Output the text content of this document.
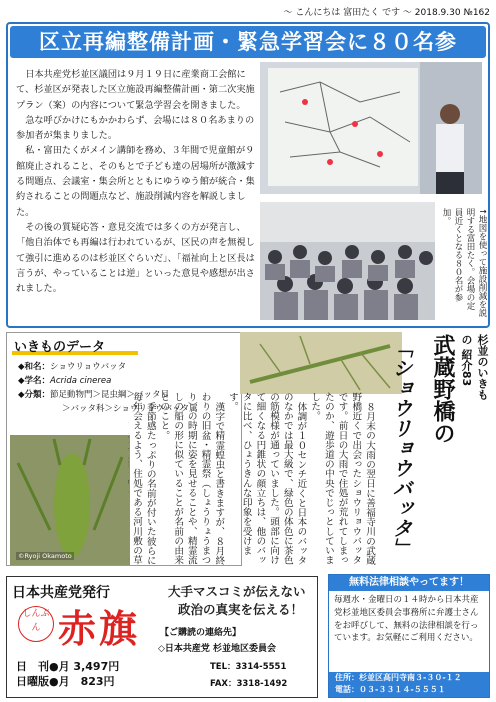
～ こんにちは 富田たく です ～ 2018.9.30 №162
区立再編整備計画・緊急学習会に８０名参

日本共産党杉並区議団は９月１９日に産業商工会館にて、杉並区が発表した区立施設再編整備計画・第二次実施プラン（案）の内容について緊急学習会を開きました。

急な呼びかけにもかかわらず、会場には８０名あまりの参加者が集まりました。

私・富田たくがメイン講師を務め、３年間で児童館が９館廃止されること、そのもとで子ども達の居場所が激減する問題点、会議室・集会所とともにゆうゆう館が統合・集約されることの問題点など、施設削減内容を解説しました。

その後の質疑応答・意見交流では多くの方が発言し、「他自治体でも再編は行われているが、区民の声を無視して強引に進めるのは杉並区ぐらいだ」、「福祉向上と区長は言うが、やっていることは逆」といった意見や感想が出されました。	↑地図を使って施設削減を説明する富田たく。会場の定員近くとなる８０名が参加。
いきものデータ
◆和名：ショウリョウバッタ
◆学名：Acrida cinerea
◆分類：節足動物門＞昆虫綱＞バッタ目
＞バッタ科＞ショウリョウバッタ属
©Ryoji Okamoto
杉並のいきもの 紹介83
武蔵野橋の
「ショウリョウバッタ」

８月末の大雨の翌日に善福寺川の武蔵野橋近くで出会ったショウリョウバッタです。前日の大雨で住処が荒れてしまったのか、遊歩道の中央でじっとしていました。

体調が１０センチ近くと日本のバッタのなかでは最大級で、緑色の体色に茶色の筋模様が通っていました。頭部に向けて細くなる円錐状の顔立ちは、他のバッタに比べ、ひょうきんな印象を受けます。

漢字で精霊蝗虫と書きますが、８月終わりの旧盆・精霊祭（しょうりょうまつり）の時期に姿を見せることや、精霊流しの船の形に似ていることが名前の由来とのこと。

季節感たっぷりの名前が付いた彼らに毎年会えるよう、住処である河川敷の草

日本共産党発行
しんぶん 赤旗
大手マスコミが伝えない
政治の真実を伝える！
【ご購読の連絡先】
◇日本共産党 杉並地区委員会
TEL：3314-5551
FAX：3318-1492
日　刊●月 3,497円
日曜版●月　823円
無料法律相談やってます！
毎週水・金曜日の１４時から日本共産党杉並地区委員会事務所に弁護士さんをお呼びして、無料の法律相談を行っています。お気軽にご利用ください。
住所：杉並区高円寺南３-３０-１２
電話：０３-３３１４-５５５１
